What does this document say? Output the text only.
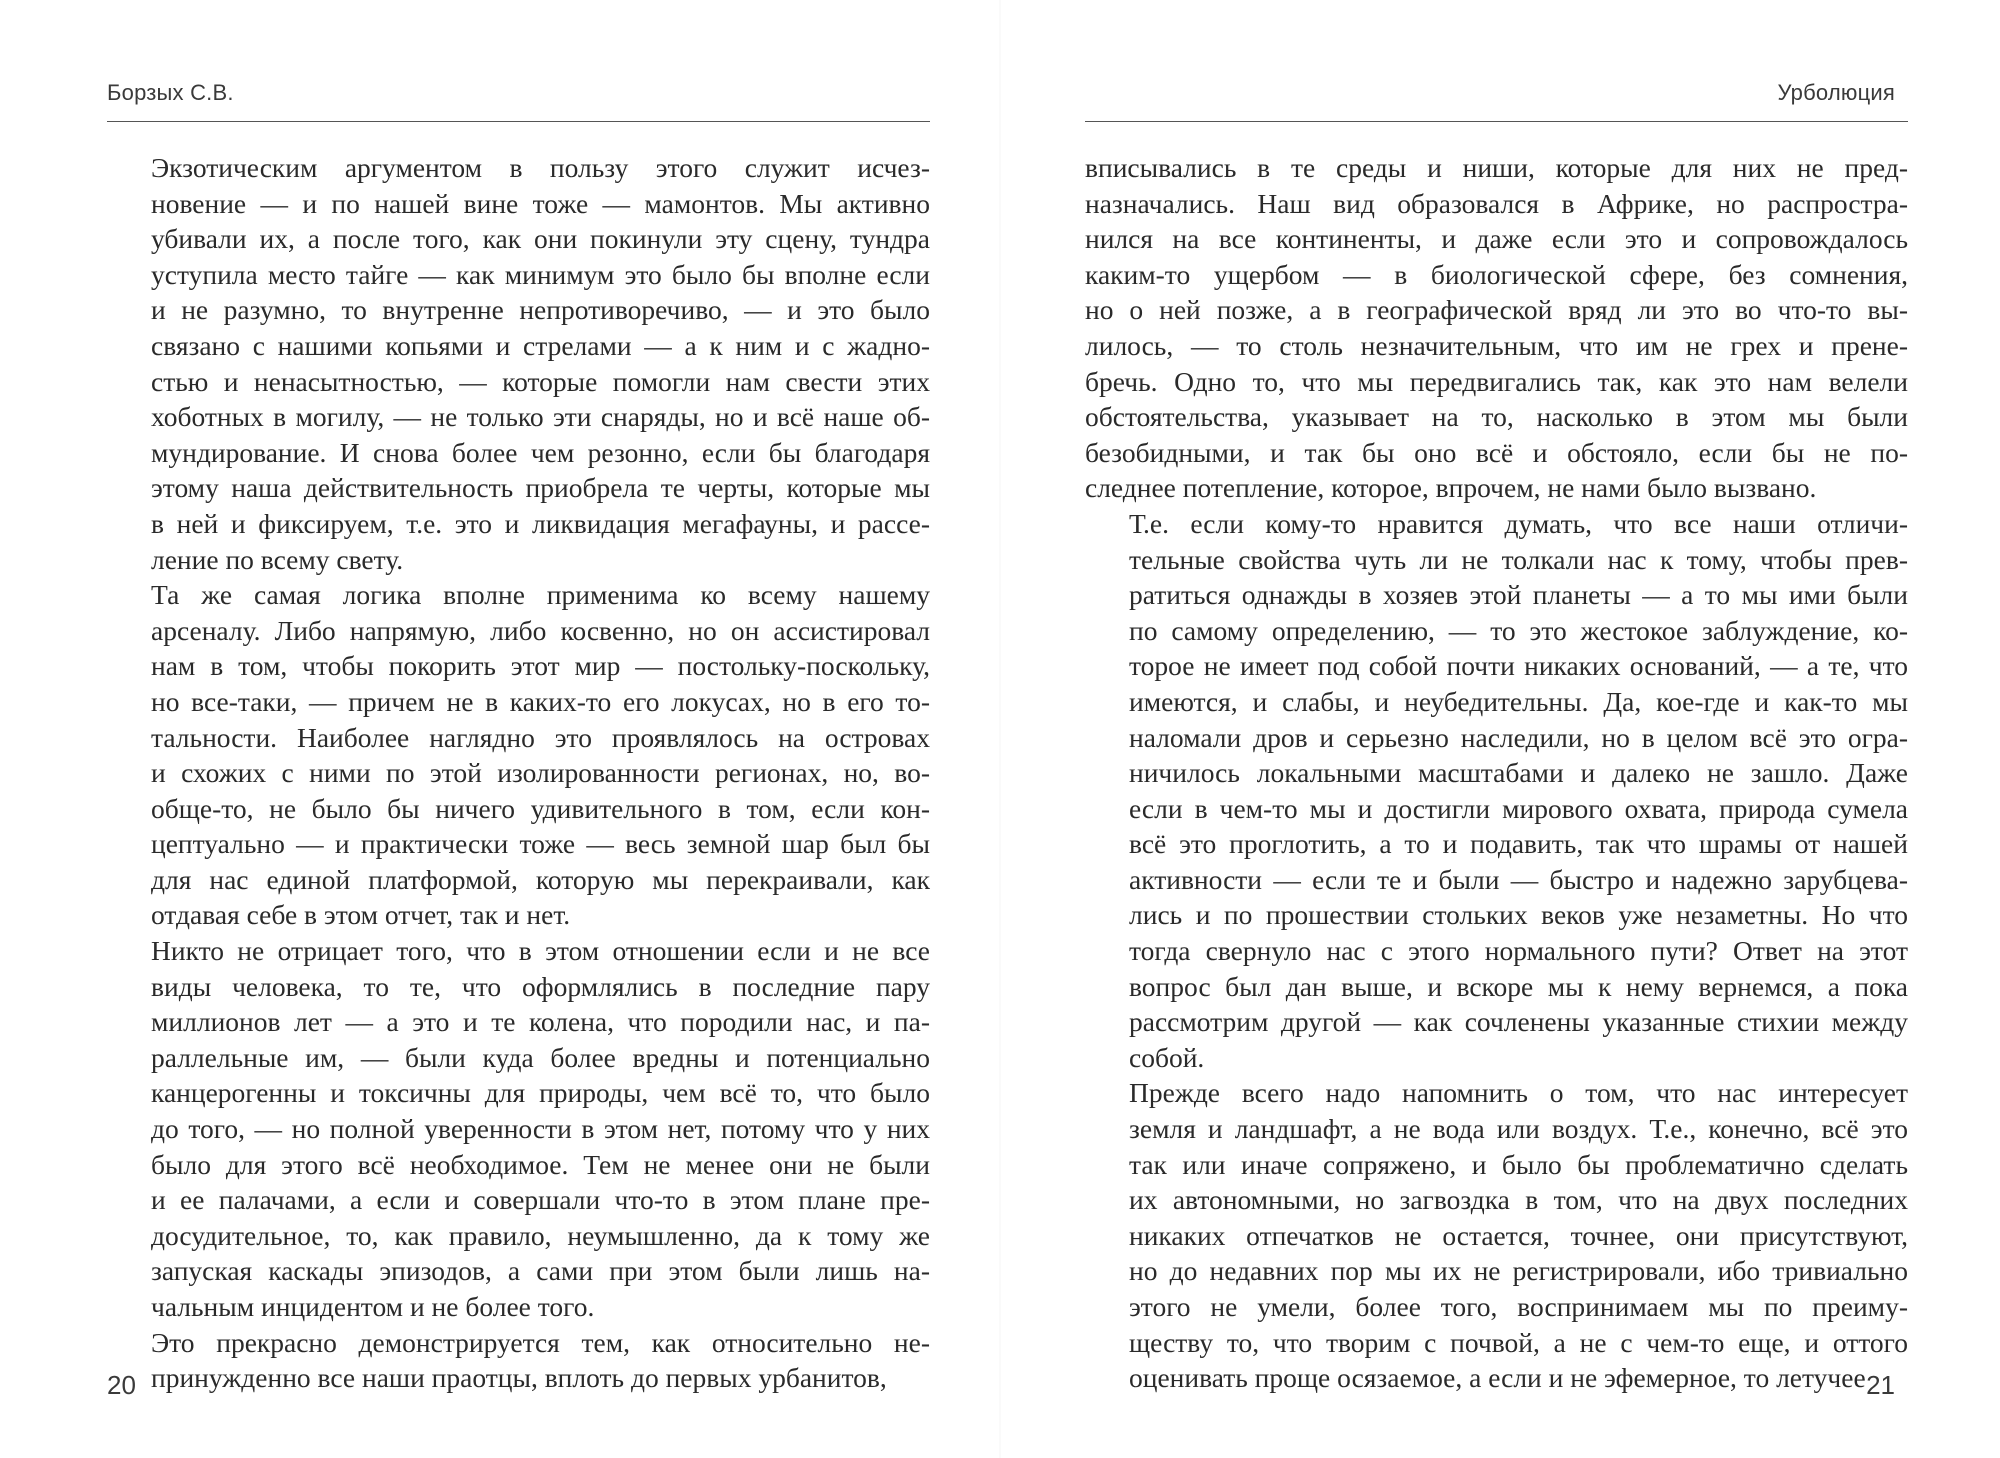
Борзых С.В.
Экзотическим аргументом в пользу этого служит исчез-
новение — и по нашей вине тоже — мамонтов. Мы активно
убивали их, а после того, как они покинули эту сцену, тундра
уступила место тайге — как минимум это было бы вполне если
и не разумно, то внутренне непротиворечиво, — и это было
связано с нашими копьями и стрелами — а к ним и с жадно-
стью и ненасытностью, — которые помогли нам свести этих
хоботных в могилу, — не только эти снаряды, но и всё наше об-
мундирование. И снова более чем резонно, если бы благодаря
этому наша действительность приобрела те черты, которые мы
в ней и фиксируем, т.е. это и ликвидация мегафауны, и рассе-
ление по всему свету.
Та же самая логика вполне применима ко всему нашему
арсеналу. Либо напрямую, либо косвенно, но он ассистировал
нам в том, чтобы покорить этот мир — постольку-поскольку,
но все-таки, — причем не в каких-то его локусах, но в его то-
тальности. Наиболее наглядно это проявлялось на островах
и схожих с ними по этой изолированности регионах, но, во-
обще-то, не было бы ничего удивительного в том, если кон-
цептуально — и практически тоже — весь земной шар был бы
для нас единой платформой, которую мы перекраивали, как
отдавая себе в этом отчет, так и нет.
Никто не отрицает того, что в этом отношении если и не все
виды человека, то те, что оформлялись в последние пару
миллионов лет — а это и те колена, что породили нас, и па-
раллельные им, — были куда более вредны и потенциально
канцерогенны и токсичны для природы, чем всё то, что было
до того, — но полной уверенности в этом нет, потому что у них
было для этого всё необходимое. Тем не менее они не были
и ее палачами, а если и совершали что-то в этом плане пре-
досудительное, то, как правило, неумышленно, да к тому же
запуская каскады эпизодов, а сами при этом были лишь на-
чальным инцидентом и не более того.
Это прекрасно демонстрируется тем, как относительно не-
принужденно все наши праотцы, вплоть до первых урбанитов,
20
Урболюция
вписывались в те среды и ниши, которые для них не пред-
назначались. Наш вид образовался в Африке, но распростра-
нился на все континенты, и даже если это и сопровождалось
каким-то ущербом — в биологической сфере, без сомнения,
но о ней позже, а в географической вряд ли это во что-то вы-
лилось, — то столь незначительным, что им не грех и прене-
бречь. Одно то, что мы передвигались так, как это нам велели
обстоятельства, указывает на то, насколько в этом мы были
безобидными, и так бы оно всё и обстояло, если бы не по-
следнее потепление, которое, впрочем, не нами было вызвано.
Т.е. если кому-то нравится думать, что все наши отличи-
тельные свойства чуть ли не толкали нас к тому, чтобы прев-
ратиться однажды в хозяев этой планеты — а то мы ими были
по самому определению, — то это жестокое заблуждение, ко-
торое не имеет под собой почти никаких оснований, — а те, что
имеются, и слабы, и неубедительны. Да, кое-где и как-то мы
наломали дров и серьезно наследили, но в целом всё это огра-
ничилось локальными масштабами и далеко не зашло. Даже
если в чем-то мы и достигли мирового охвата, природа сумела
всё это проглотить, а то и подавить, так что шрамы от нашей
активности — если те и были — быстро и надежно зарубцева-
лись и по прошествии стольких веков уже незаметны. Но что
тогда свернуло нас с этого нормального пути? Ответ на этот
вопрос был дан выше, и вскоре мы к нему вернемся, а пока
рассмотрим другой — как сочленены указанные стихии между
собой.
Прежде всего надо напомнить о том, что нас интересует
земля и ландшафт, а не вода или воздух. Т.е., конечно, всё это
так или иначе сопряжено, и было бы проблематично сделать
их автономными, но загвоздка в том, что на двух последних
никаких отпечатков не остается, точнее, они присутствуют,
но до недавних пор мы их не регистрировали, ибо тривиально
этого не умели, более того, воспринимаем мы по преиму-
ществу то, что творим с почвой, а не с чем-то еще, и оттого
оценивать проще осязаемое, а если и не эфемерное, то летучее 21
